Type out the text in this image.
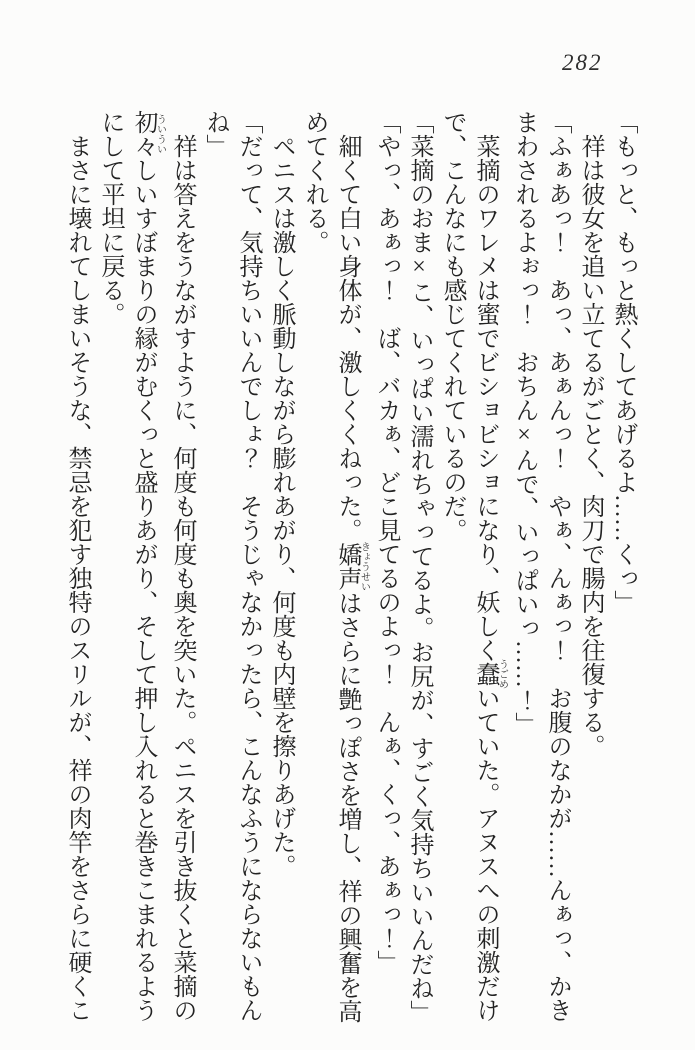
282
「もっと、もっと熱くしてあげるよ……くっ」
祥は彼女を追い立てるがごとく、肉刀で腸内を往復する。
「ふぁあっ！　あっ、あぁんっ！　やぁ、んぁっ！　お腹のなかが……んぁっ、かき
まわされるよぉっ！　おちん×んで、いっぱいっ……！」
菜摘のワレメは蜜でビショビショになり、妖しく蠢うごめいていた。アヌスへの刺激だけ
で、こんなにも感じてくれているのだ。
「菜摘のおま×こ、いっぱい濡れちゃってるよ。お尻が、すごく気持ちいいんだね」
「やっ、あぁっ！　ば、バカぁ、どこ見てるのよっ！　んぁ、くっ、あぁっ！」
細くて白い身体が、激しくくねった。嬌声きょうせいはさらに艶っぽさを増し、祥の興奮を高
めてくれる。
ペニスは激しく脈動しながら膨れあがり、何度も内壁を擦りあげた。
「だって、気持ちいいんでしょ？　そうじゃなかったら、こんなふうにならないもん
ね」
祥は答えをうながすように、何度も何度も奥を突いた。ペニスを引き抜くと菜摘の
初々ういういしいすぼまりの縁がむくっと盛りあがり、そして押し入れると巻きこまれるよう
にして平坦に戻る。
まさに壊れてしまいそうな、禁忌を犯す独特のスリルが、祥の肉竿をさらに硬くこ
